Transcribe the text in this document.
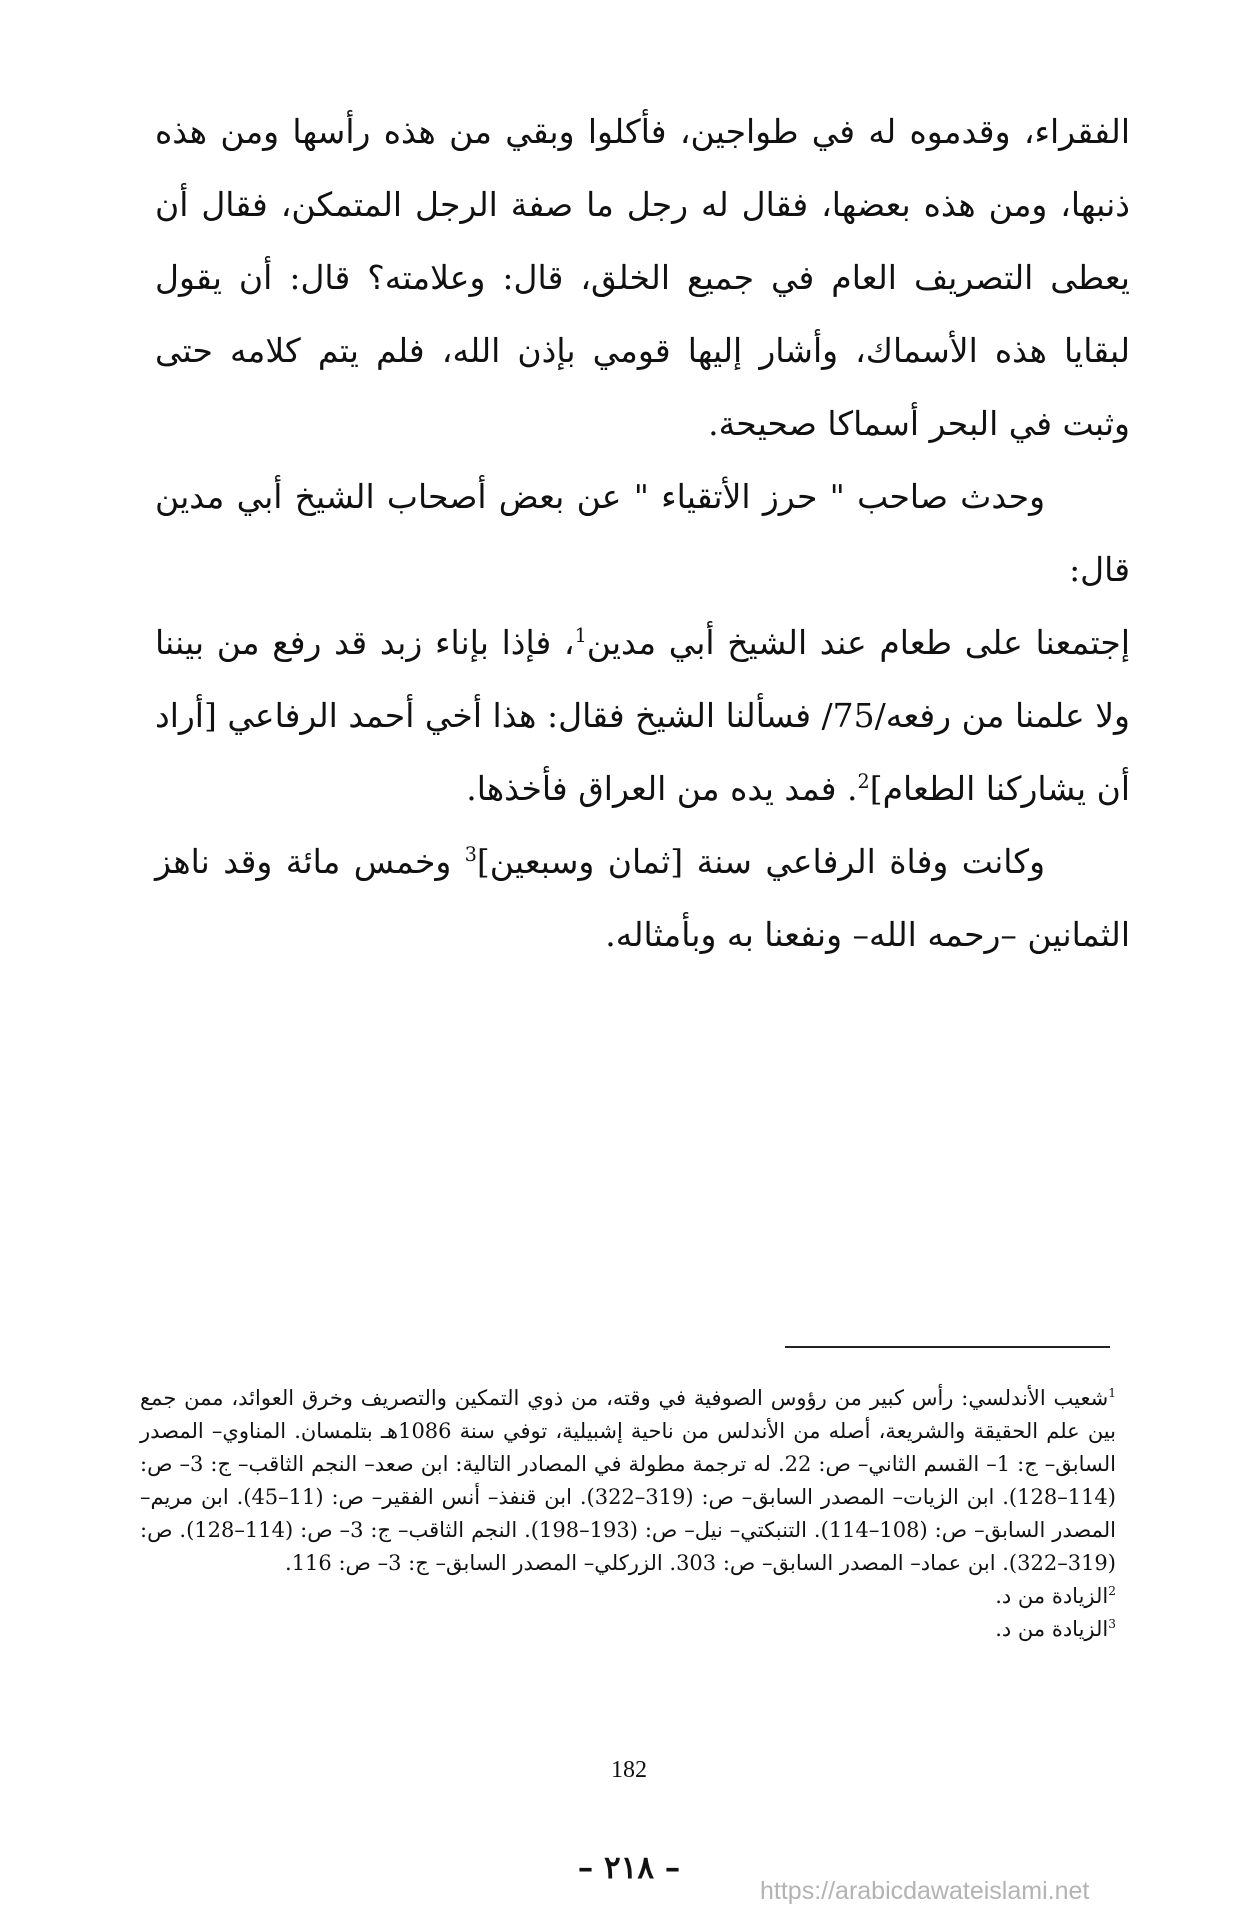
الفقراء، وقدموه له في طواجين، فأكلوا وبقي من هذه رأسها ومن هذه ذنبها، ومن هذه بعضها، فقال له رجل ما صفة الرجل المتمكن، فقال أن يعطى التصريف العام في جميع الخلق، قال: وعلامته؟ قال: أن يقول لبقايا هذه الأسماك، وأشار إليها قومي بإذن الله، فلم يتم كلامه حتى وثبت في البحر أسماكا صحيحة.

وحدث صاحب " حرز الأتقياء " عن بعض أصحاب الشيخ أبي مدين قال:

إجتمعنا على طعام عند الشيخ أبي مدين$^1$، فإذا بإناء زبد قد رفع من بيننا ولا علمنا من رفعه/75/ فسألنا الشيخ فقال: هذا أخي أحمد الرفاعي [أراد أن يشاركنا الطعام]$^2$. فمد يده من العراق فأخذها.

وكانت وفاة الرفاعي سنة [ثمان وسبعين]$^3$ وخمس مائة وقد ناهز الثمانين –رحمه الله– ونفعنا به وبأمثاله.

$^1$شعيب الأندلسي: رأس كبير من رؤوس الصوفية في وقته، من ذوي التمكين والتصريف وخرق العوائد، ممن جمع بين علم الحقيقة والشريعة، أصله من الأندلس من ناحية إشبيلية، توفي سنة 1086هـ بتلمسان. المناوي– المصدر السابق– ج: 1– القسم الثاني– ص: 22. له ترجمة مطولة في المصادر التالية: ابن صعد– النجم الثاقب– ج: 3– ص: (114–128). ابن الزيات– المصدر السابق– ص: (319–322). ابن قنفذ– أنس الفقير– ص: (11–45). ابن مريم– المصدر السابق– ص: (108–114). التنبكتي– نيل– ص: (193–198). النجم الثاقب– ج: 3– ص: (114–128). ص: (319–322). ابن عماد– المصدر السابق– ص: 303. الزركلي– المصدر السابق– ج: 3– ص: 116.

$^2$الزيادة من د.

$^3$الزيادة من د.

182
– ٢١٨ –
https://arabicdawateislami.net
